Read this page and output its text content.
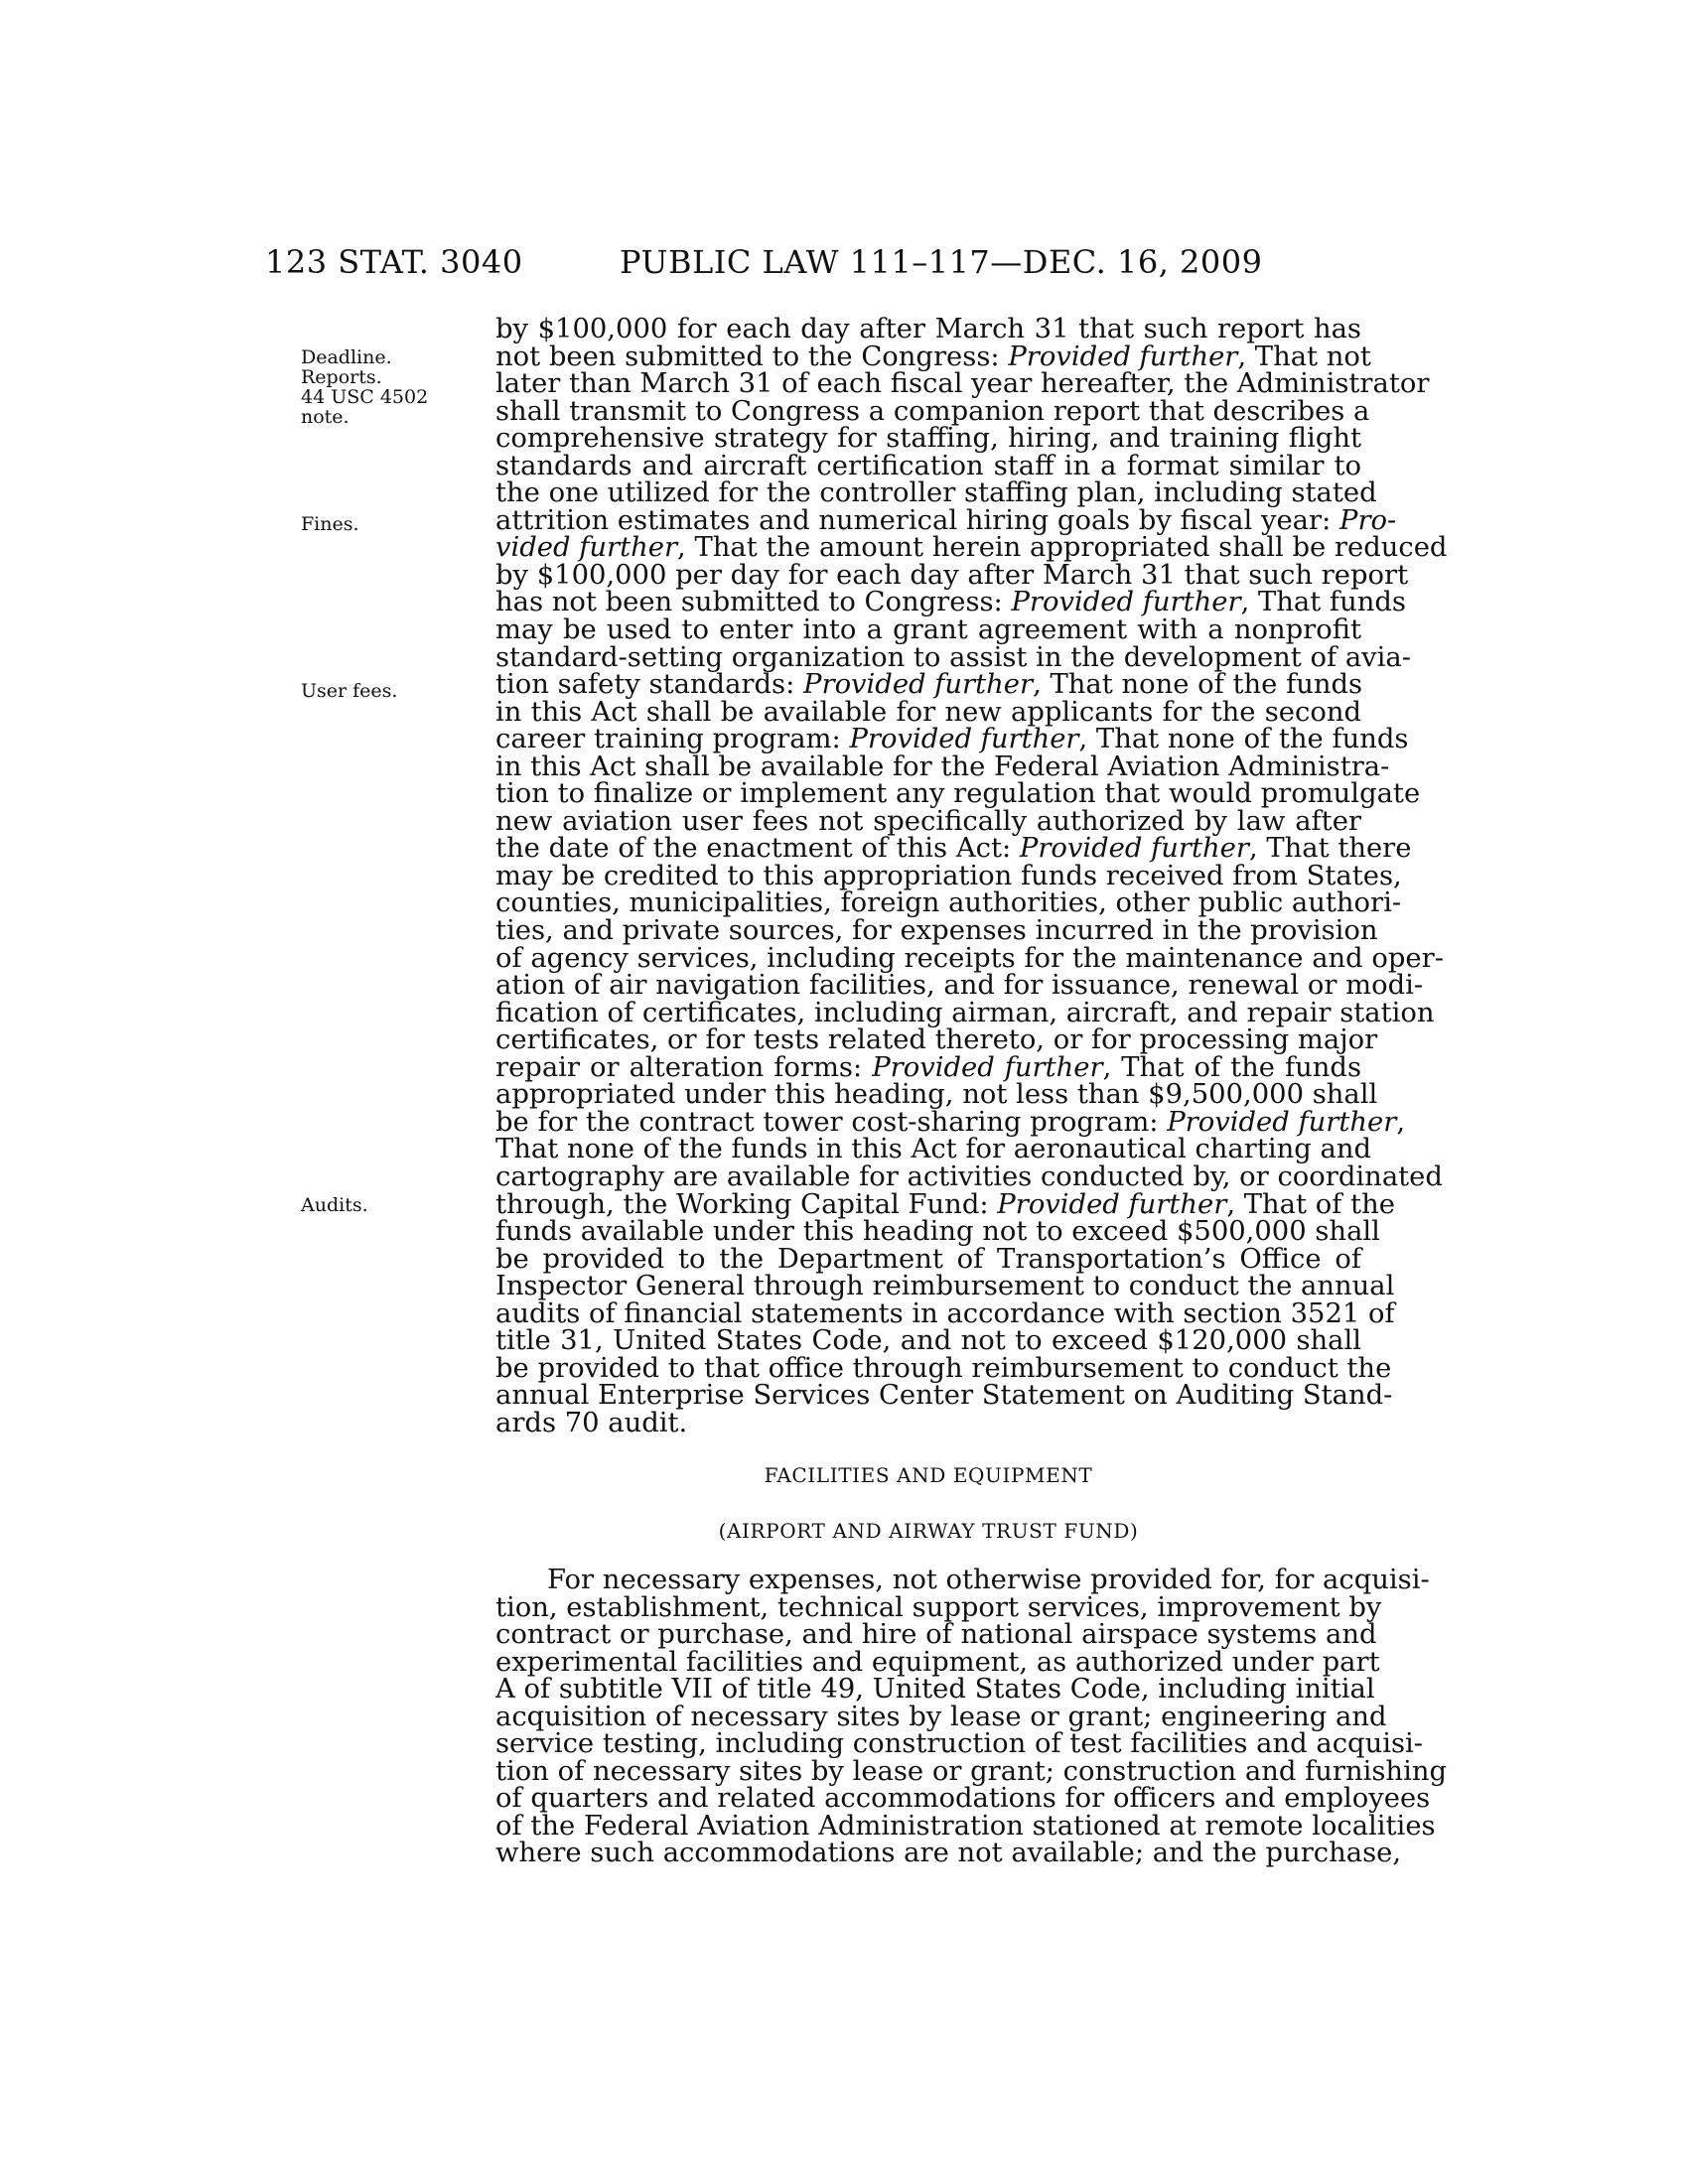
123 STAT. 3040	PUBLIC LAW 111–117—DEC. 16, 2009
Deadline.
Reports.
44 USC 4502
note.
Fines.
User fees.
Audits.
by $100,000 for each day after March 31 that such report has
not been submitted to the Congress: Provided further, That not
later than March 31 of each fiscal year hereafter, the Administrator
shall transmit to Congress a companion report that describes a
comprehensive strategy for staffing, hiring, and training flight
standards and aircraft certification staff in a format similar to
the one utilized for the controller staffing plan, including stated
attrition estimates and numerical hiring goals by fiscal year: Pro-
vided further, That the amount herein appropriated shall be reduced
by $100,000 per day for each day after March 31 that such report
has not been submitted to Congress: Provided further, That funds
may be used to enter into a grant agreement with a nonprofit
standard-setting organization to assist in the development of avia-
tion safety standards: Provided further, That none of the funds
in this Act shall be available for new applicants for the second
career training program: Provided further, That none of the funds
in this Act shall be available for the Federal Aviation Administra-
tion to finalize or implement any regulation that would promulgate
new aviation user fees not specifically authorized by law after
the date of the enactment of this Act: Provided further, That there
may be credited to this appropriation funds received from States,
counties, municipalities, foreign authorities, other public authori-
ties, and private sources, for expenses incurred in the provision
of agency services, including receipts for the maintenance and oper-
ation of air navigation facilities, and for issuance, renewal or modi-
fication of certificates, including airman, aircraft, and repair station
certificates, or for tests related thereto, or for processing major
repair or alteration forms: Provided further, That of the funds
appropriated under this heading, not less than $9,500,000 shall
be for the contract tower cost-sharing program: Provided further,
That none of the funds in this Act for aeronautical charting and
cartography are available for activities conducted by, or coordinated
through, the Working Capital Fund: Provided further, That of the
funds available under this heading not to exceed $500,000 shall
be provided to the Department of Transportation’s Office of
Inspector General through reimbursement to conduct the annual
audits of financial statements in accordance with section 3521 of
title 31, United States Code, and not to exceed $120,000 shall
be provided to that office through reimbursement to conduct the
annual Enterprise Services Center Statement on Auditing Stand-
ards 70 audit.
FACILITIES AND EQUIPMENT
(AIRPORT AND AIRWAY TRUST FUND)
For necessary expenses, not otherwise provided for, for acquisi-
tion, establishment, technical support services, improvement by
contract or purchase, and hire of national airspace systems and
experimental facilities and equipment, as authorized under part
A of subtitle VII of title 49, United States Code, including initial
acquisition of necessary sites by lease or grant; engineering and
service testing, including construction of test facilities and acquisi-
tion of necessary sites by lease or grant; construction and furnishing
of quarters and related accommodations for officers and employees
of the Federal Aviation Administration stationed at remote localities
where such accommodations are not available; and the purchase,
